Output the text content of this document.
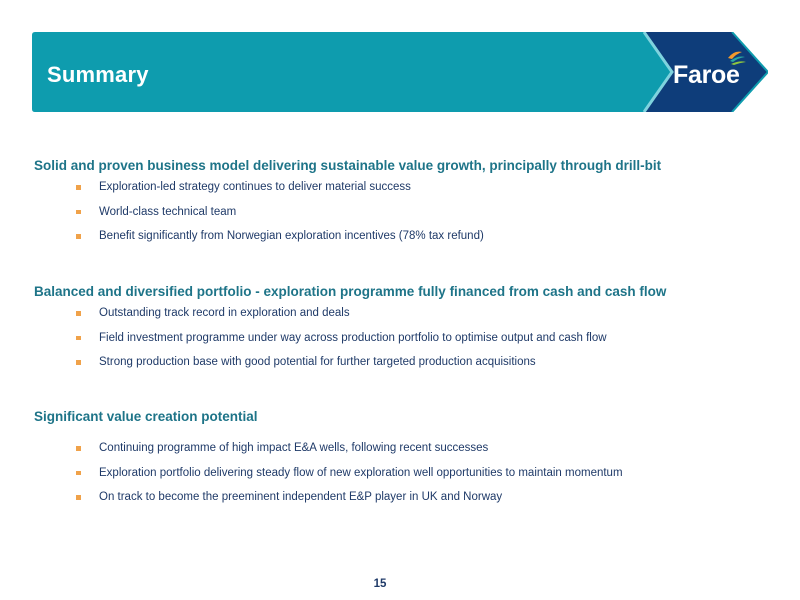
Summary	Faroe
Solid and proven business model delivering sustainable value growth, principally through drill-bit
Exploration-led strategy continues to deliver material success
World-class technical team
Benefit significantly from Norwegian exploration incentives (78% tax refund)
Balanced and diversified portfolio - exploration programme fully financed from cash and cash flow
Outstanding track record in exploration and deals
Field investment programme under way across production portfolio to optimise output and cash flow
Strong production base with good potential for further targeted production acquisitions
Significant value creation potential
Continuing programme of high impact E&A wells, following recent successes
Exploration portfolio delivering steady flow of new exploration well opportunities to maintain momentum
On track to become the preeminent independent E&P player in UK and Norway
15
